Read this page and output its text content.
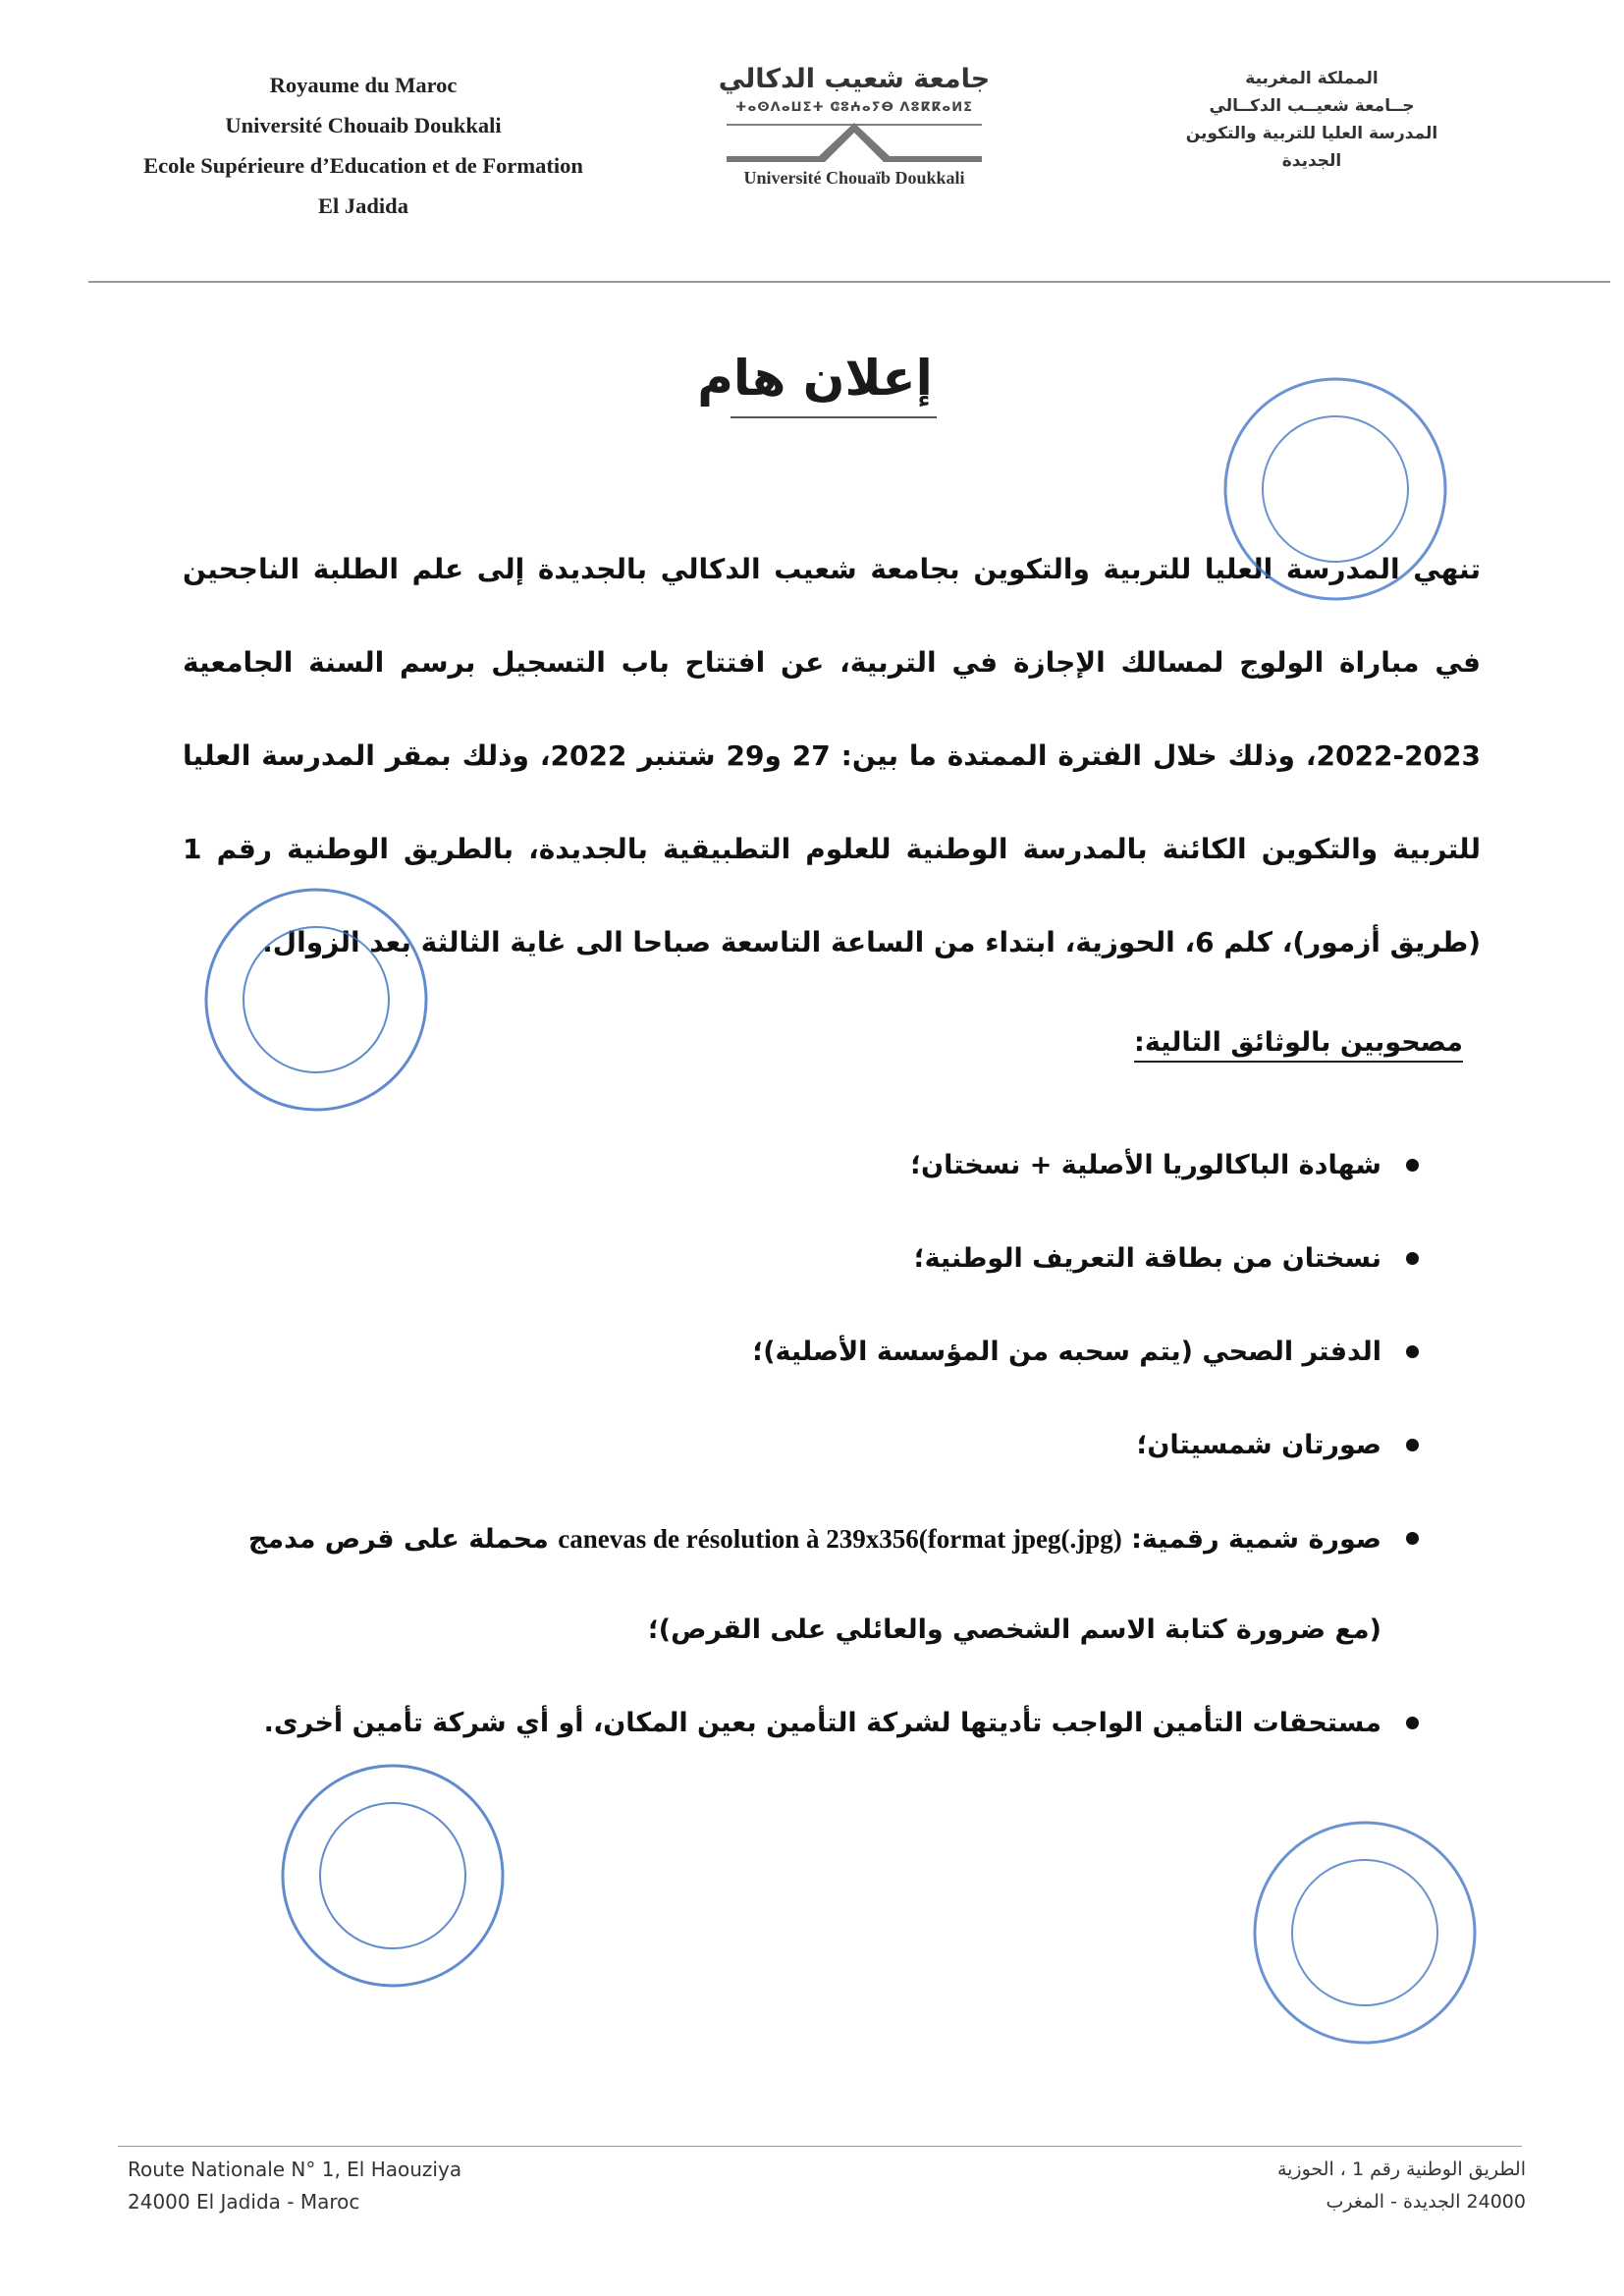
Royaume du Maroc
Université Chouaib Doukkali
Ecole Supérieure d’Education et de Formation
El Jadida
جامعة شعيب الدكالي
ⵜⴰⵙⴷⴰⵡⵉⵜ ⵛⵓⵄⴰⵢⴱ ⴷⵓⴽⴽⴰⵍⵉ
Université Chouaïb Doukkali
المملكة المغربية
جــامعة شعيــب الدكــالي
المدرسة العليا للتربية والتكوين
الجديدة
إعلان هام
تنهي المدرسة العليا للتربية والتكوين بجامعة شعيب الدكالي بالجديدة إلى علم الطلبة الناجحين في مباراة الولوج لمسالك الإجازة في التربية، عن افتتاح باب التسجيل برسم السنة الجامعية 2023-2022، وذلك خلال الفترة الممتدة ما بين: 27 و29 شتنبر 2022، وذلك بمقر المدرسة العليا للتربية والتكوين الكائنة بالمدرسة الوطنية للعلوم التطبيقية بالجديدة، بالطريق الوطنية رقم 1 (طريق أزمور)، كلم 6، الحوزية، ابتداء من الساعة التاسعة صباحا الى غاية الثالثة بعد الزوال.
مصحوبين بالوثائق التالية:
شهادة الباكالوريا الأصلية + نسختان؛
نسختان من بطاقة التعريف الوطنية؛
الدفتر الصحي (يتم سحبه من المؤسسة الأصلية)؛
صورتان شمسيتان؛
صورة شمية رقمية: canevas de résolution à 239x356(format jpeg(.jpg) محملة على قرص مدمج (مع ضرورة كتابة الاسم الشخصي والعائلي على القرص)؛
مستحقات التأمين الواجب تأديتها لشركة التأمين بعين المكان، أو أي شركة تأمين أخرى.
Route Nationale N° 1, El Haouziya
24000 El Jadida - Maroc
الطريق الوطنية رقم 1 ، الحوزية
24000 الجديدة - المغرب
